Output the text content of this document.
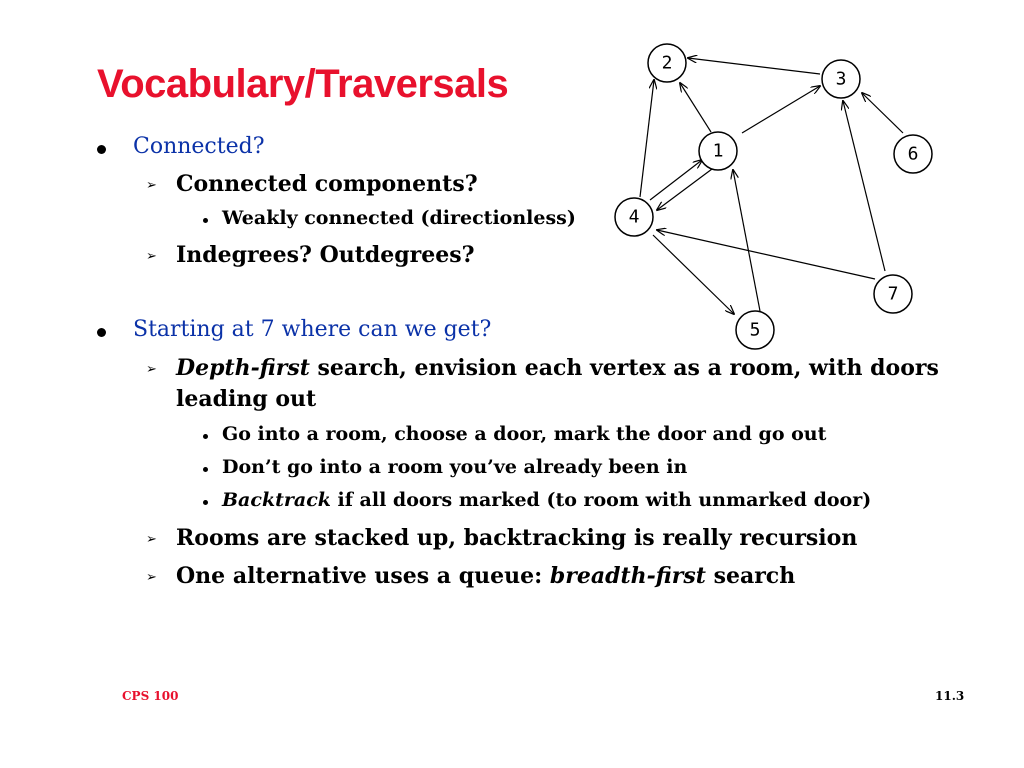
Vocabulary/Traversals	2
3
1	6
4
7
5
Connected?
➢ Connected components?
Weakly connected (directionless)
➢ Indegrees? Outdegrees?
Starting at 7 where can we get?
➢ Depth-first search, envision each vertex as a room, with doors
leading out
Go into a room, choose a door, mark the door and go out
Don’t go into a room you’ve already been in
Backtrack if all doors marked (to room with unmarked door)
➢ Rooms are stacked up, backtracking is really recursion
➢ One alternative uses a queue: breadth-first search
CPS 100	11.3
